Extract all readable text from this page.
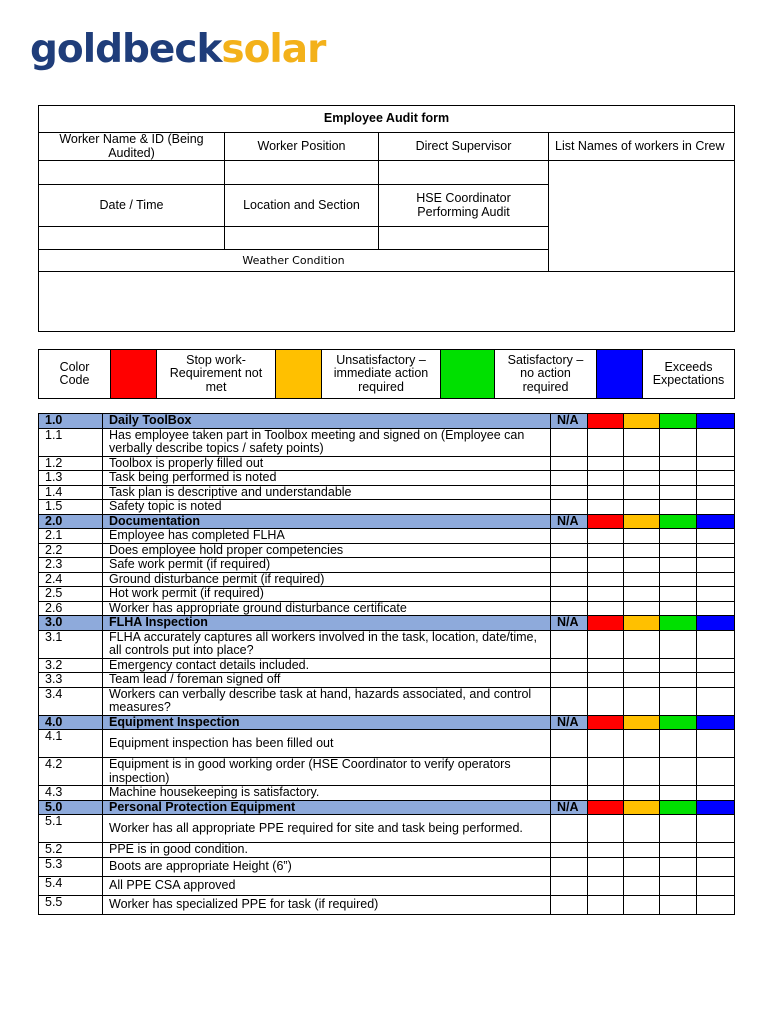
goldbecksolar
Employee Audit form			
Worker Name & ID (Being Audited)	Worker Position	Direct Supervisor	List Names of workers in Crew

Date / Time	Location and Section	HSE Coordinator Performing Audit	

Weather Condition			

Color Code		Stop work- Requirement not met		Unsatisfactory – immediate action required		Satisfactory – no action required		Exceeds Expectations
1.0	Daily ToolBox	N/A				
1.1	Has employee taken part in Toolbox meeting and signed on (Employee can verbally describe topics / safety points)					
1.2	Toolbox is properly filled out					
1.3	Task being performed is noted					
1.4	Task plan is descriptive and understandable					
1.5	Safety topic is noted					
2.0	Documentation	N/A				
2.1	Employee has completed FLHA					
2.2	Does employee hold proper competencies					
2.3	Safe work permit (if required)					
2.4	Ground disturbance permit (if required)					
2.5	Hot work permit (if required)					
2.6	Worker has appropriate ground disturbance certificate					
3.0	FLHA Inspection	N/A				
3.1	FLHA accurately captures all workers involved in the task, location, date/time, all controls put into place?					
3.2	Emergency contact details included.					
3.3	Team lead / foreman signed off					
3.4	Workers can verbally describe task at hand, hazards associated, and control measures?					
4.0	Equipment Inspection	N/A				
4.1	Equipment inspection has been filled out					
4.2	Equipment is in good working order (HSE Coordinator to verify operators inspection)					
4.3	Machine housekeeping is satisfactory.					
5.0	Personal Protection Equipment	N/A				
5.1	Worker has all appropriate PPE required for site and task being performed.					
5.2	PPE is in good condition.					
5.3	Boots are appropriate Height (6”)					
5.4	All PPE CSA approved					
5.5	Worker has specialized PPE for task (if required)					
